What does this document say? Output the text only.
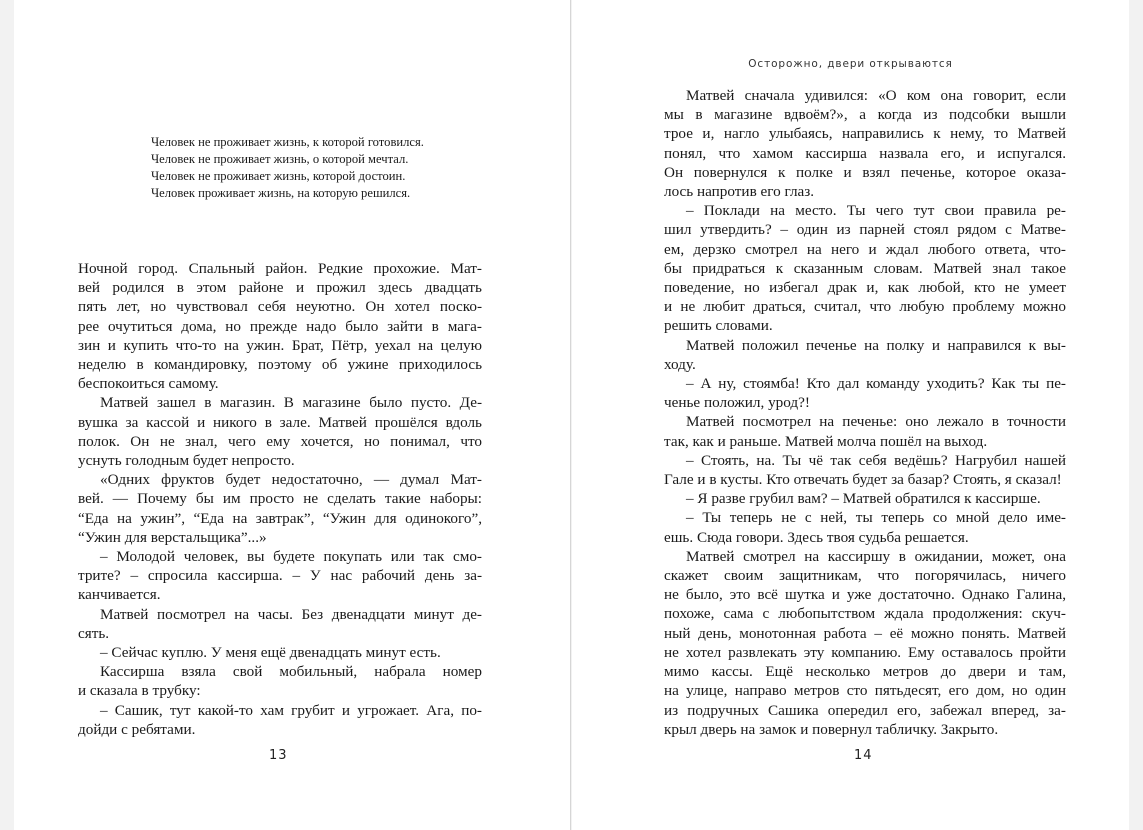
Человек не проживает жизнь, к которой готовился.
Человек не проживает жизнь, о которой мечтал.
Человек не проживает жизнь, которой достоин.
Человек проживает жизнь, на которую решился.
Ночной город. Спальный район. Редкие прохожие. Мат-
вей родился в этом районе и прожил здесь двадцать
пять лет, но чувствовал себя неуютно. Он хотел поско-
рее очутиться дома, но прежде надо было зайти в мага-
зин и купить что-то на ужин. Брат, Пётр, уехал на целую
неделю в командировку, поэтому об ужине приходилось
беспокоиться самому.
Матвей зашел в магазин. В магазине было пусто. Де-
вушка за кассой и никого в зале. Матвей прошёлся вдоль
полок. Он не знал, чего ему хочется, но понимал, что
уснуть голодным будет непросто.
«Одних фруктов будет недостаточно, — думал Мат-
вей. — Почему бы им просто не сделать такие наборы:
“Еда на ужин”, “Еда на завтрак”, “Ужин для одинокого”,
“Ужин для верстальщика”...»
– Молодой человек, вы будете покупать или так смо-
трите? – спросила кассирша. – У нас рабочий день за-
канчивается.
Матвей посмотрел на часы. Без двенадцати минут де-
сять.
– Сейчас куплю. У меня ещё двенадцать минут есть.
Кассирша взяла свой мобильный, набрала номер
и сказала в трубку:
– Сашик, тут какой-то хам грубит и угрожает. Ага, по-
дойди с ребятами.
13
Осторожно, двери открываются
Матвей сначала удивился: «О ком она говорит, если
мы в магазине вдвоём?», а когда из подсобки вышли
трое и, нагло улыбаясь, направились к нему, то Матвей
понял, что хамом кассирша назвала его, и испугался.
Он повернулся к полке и взял печенье, которое оказа-
лось напротив его глаз.
– Поклади на место. Ты чего тут свои правила ре-
шил утвердить? – один из парней стоял рядом с Матве-
ем, дерзко смотрел на него и ждал любого ответа, что-
бы придраться к сказанным словам. Матвей знал такое
поведение, но избегал драк и, как любой, кто не умеет
и не любит драться, считал, что любую проблему можно
решить словами.
Матвей положил печенье на полку и направился к вы-
ходу.
– А ну, стоямба! Кто дал команду уходить? Как ты пе-
ченье положил, урод?!
Матвей посмотрел на печенье: оно лежало в точности
так, как и раньше. Матвей молча пошёл на выход.
– Стоять, на. Ты чё так себя ведёшь? Нагрубил нашей
Гале и в кусты. Кто отвечать будет за базар? Стоять, я сказал!
– Я разве грубил вам? – Матвей обратился к кассирше.
– Ты теперь не с ней, ты теперь со мной дело име-
ешь. Сюда говори. Здесь твоя судьба решается.
Матвей смотрел на кассиршу в ожидании, может, она
скажет своим защитникам, что погорячилась, ничего
не было, это всё шутка и уже достаточно. Однако Галина,
похоже, сама с любопытством ждала продолжения: скуч-
ный день, монотонная работа – её можно понять. Матвей
не хотел развлекать эту компанию. Ему оставалось пройти
мимо кассы. Ещё несколько метров до двери и там,
на улице, направо метров сто пятьдесят, его дом, но один
из подручных Сашика опередил его, забежал вперед, за-
крыл дверь на замок и повернул табличку. Закрыто.
14
